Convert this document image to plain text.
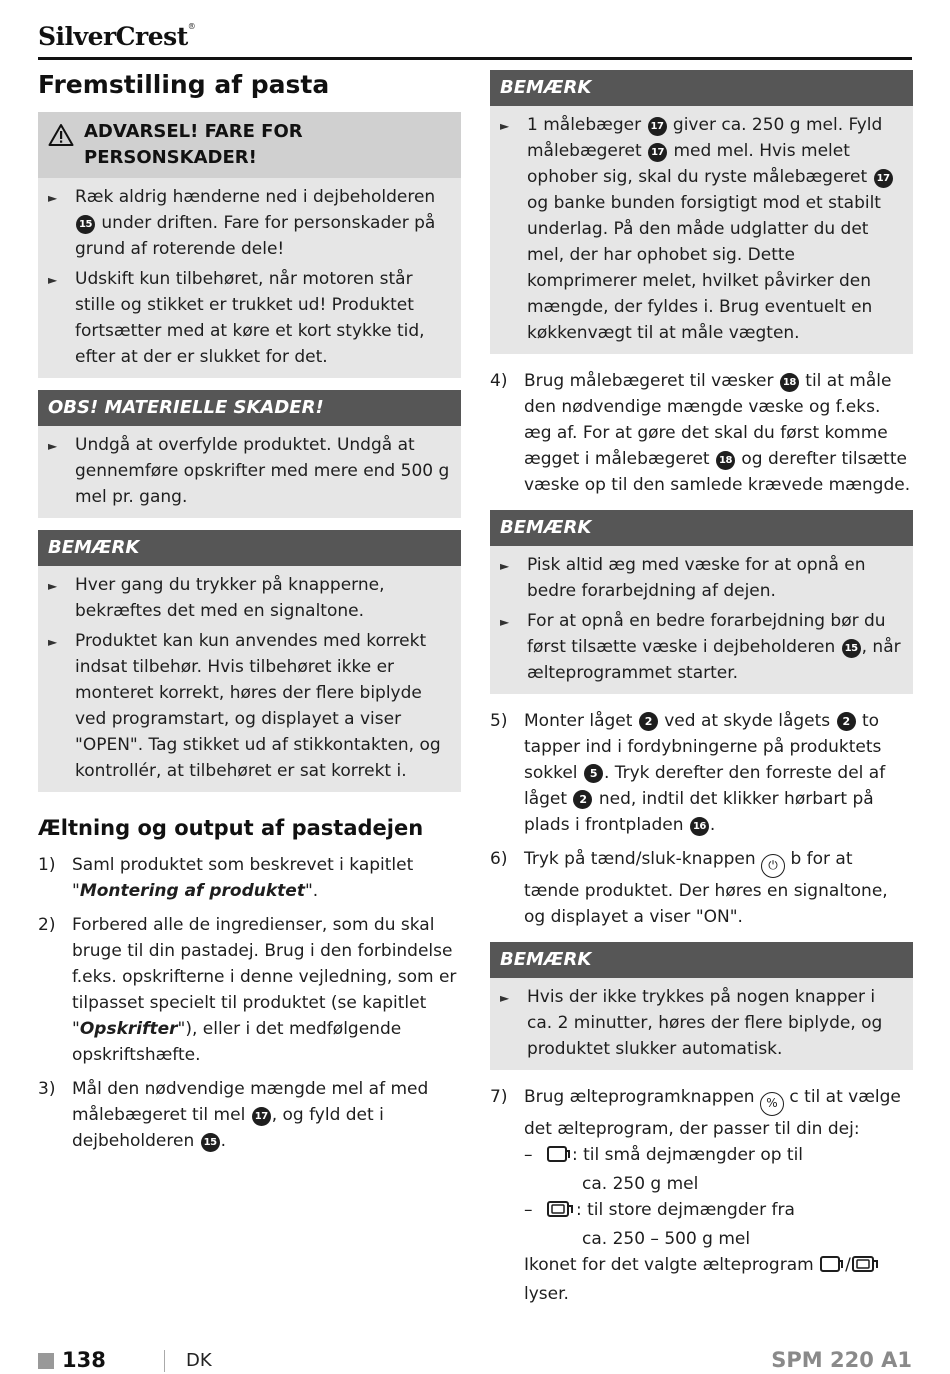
SilverCrest®
Fremstilling af pasta
ADVARSEL! FARE FOR PERSONSKADER!
► Ræk aldrig hænderne ned i dejbeholderen 15 under driften. Fare for personskader på grund af roterende dele!
► Udskift kun tilbehøret, når motoren står stille og stikket er trukket ud! Produktet fortsætter med at køre et kort stykke tid, efter at der er slukket for det.
OBS! MATERIELLE SKADER!
► Undgå at overfylde produktet. Undgå at gennemføre opskrifter med mere end 500 g mel pr. gang.
BEMÆRK
► Hver gang du trykker på knapperne, bekræftes det med en signaltone.
► Produktet kan kun anvendes med korrekt indsat tilbehør. Hvis tilbehøret ikke er monteret korrekt, høres der flere biplyde ved programstart, og displayet a viser "OPEN". Tag stikket ud af stikkontakten, og kontrollér, at tilbehøret er sat korrekt i.
Æltning og output af pastadejen
1) Saml produktet som beskrevet i kapitlet "Montering af produktet".
2) Forbered alle de ingredienser, som du skal bruge til din pastadej. Brug i den forbindelse f.eks. opskrifterne i denne vejledning, som er tilpasset specielt til produktet (se kapitlet "Opskrifter"), eller i det medfølgende opskriftshæfte.
3) Mål den nødvendige mængde mel af med målebægeret til mel 17 , og fyld det i dejbeholderen 15 .
BEMÆRK
► 1 målebæger 17 giver ca. 250 g mel. Fyld målebægeret 17 med mel. Hvis melet ophober sig, skal du ryste målebægeret 17 og banke bunden forsigtigt mod et stabilt underlag. På den måde udglatter du det mel, der har ophobet sig. Dette komprimerer melet, hvilket påvirker den mængde, der fyldes i. Brug eventuelt en køkkenvægt til at måle vægten.
4) Brug målebægeret til væsker 18 til at måle den nødvendige mængde væske og f.eks. æg af. For at gøre det skal du først komme ægget i målebægeret 18 og derefter tilsætte væske op til den samlede krævede mængde.
BEMÆRK
► Pisk altid æg med væske for at opnå en bedre forarbejdning af dejen.
► For at opnå en bedre forarbejdning bør du først tilsætte væske i dejbeholderen 15 , når ælteprogrammet starter.
5) Monter låget 2 ved at skyde lågets 2 to tapper ind i fordybningerne på produktets sokkel 5 . Tryk derefter den forreste del af låget 2 ned, indtil det klikker hørbart på plads i frontpladen 16 .
6) Tryk på tænd/sluk-knappen ⏻ b for at tænde produktet. Der høres en signaltone, og displayet a viser "ON".
BEMÆRK
► Hvis der ikke trykkes på nogen knapper i ca. 2 minutter, høres der flere biplyde, og produktet slukker automatisk.
7) Brug ælteprogramknappen % c til at vælge det ælteprogram, der passer til din dej:
–	: til små dejmængder op til
ca. 250 g mel
–	: til store dejmængder fra
ca. 250 – 500 g mel
Ikonet for det valgte ælteprogram /
lyser.
138	DK	SPM 220 A1
